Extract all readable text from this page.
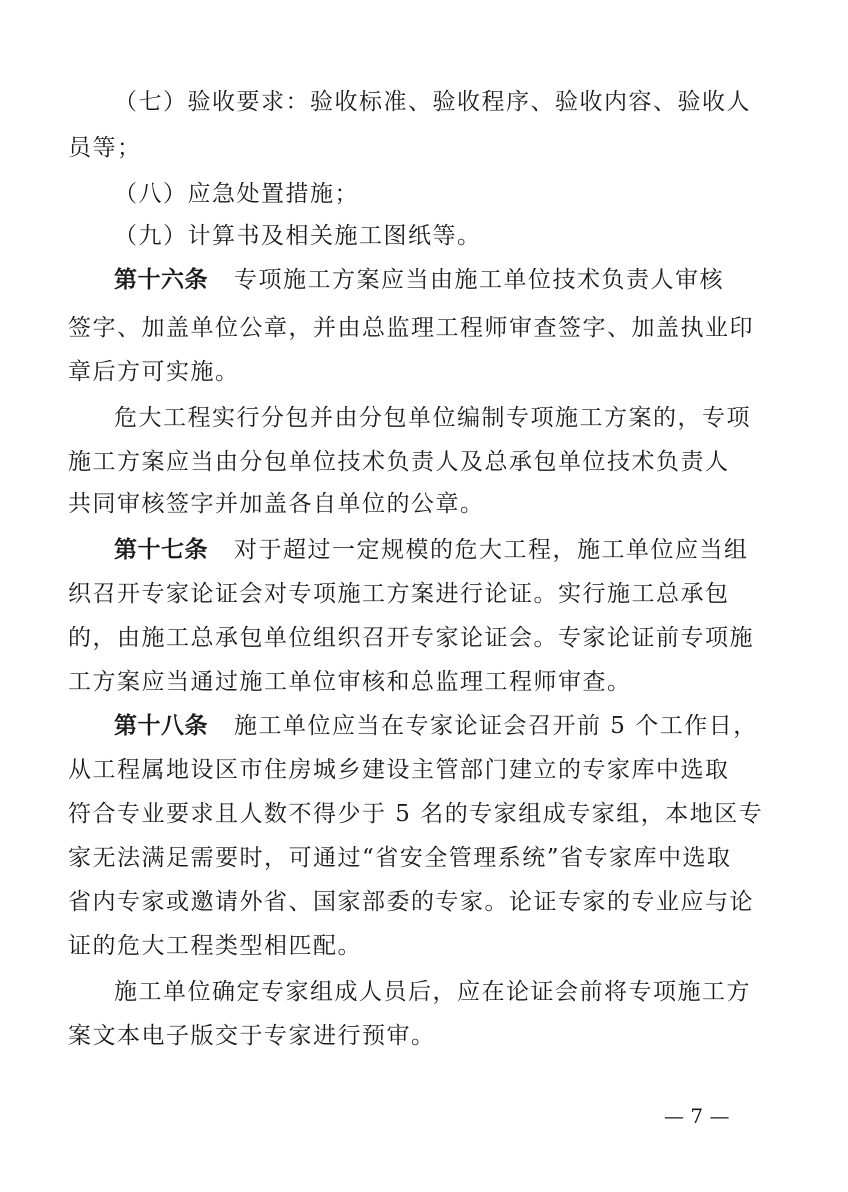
（七）验收要求：验收标准、验收程序、验收内容、验收人
员等；
（八）应急处置措施；
（九）计算书及相关施工图纸等。
第十六条 专项施工方案应当由施工单位技术负责人审核
签字、加盖单位公章，并由总监理工程师审查签字、加盖执业印
章后方可实施。
危大工程实行分包并由分包单位编制专项施工方案的，专项
施工方案应当由分包单位技术负责人及总承包单位技术负责人
共同审核签字并加盖各自单位的公章。
第十七条 对于超过一定规模的危大工程，施工单位应当组
织召开专家论证会对专项施工方案进行论证。实行施工总承包
的，由施工总承包单位组织召开专家论证会。专家论证前专项施
工方案应当通过施工单位审核和总监理工程师审查。
第十八条 施工单位应当在专家论证会召开前 5 个工作日，
从工程属地设区市住房城乡建设主管部门建立的专家库中选取
符合专业要求且人数不得少于 5 名的专家组成专家组，本地区专
家无法满足需要时，可通过“省安全管理系统”省专家库中选取
省内专家或邀请外省、国家部委的专家。论证专家的专业应与论
证的危大工程类型相匹配。
施工单位确定专家组成人员后，应在论证会前将专项施工方
案文本电子版交于专家进行预审。
— 7 —
